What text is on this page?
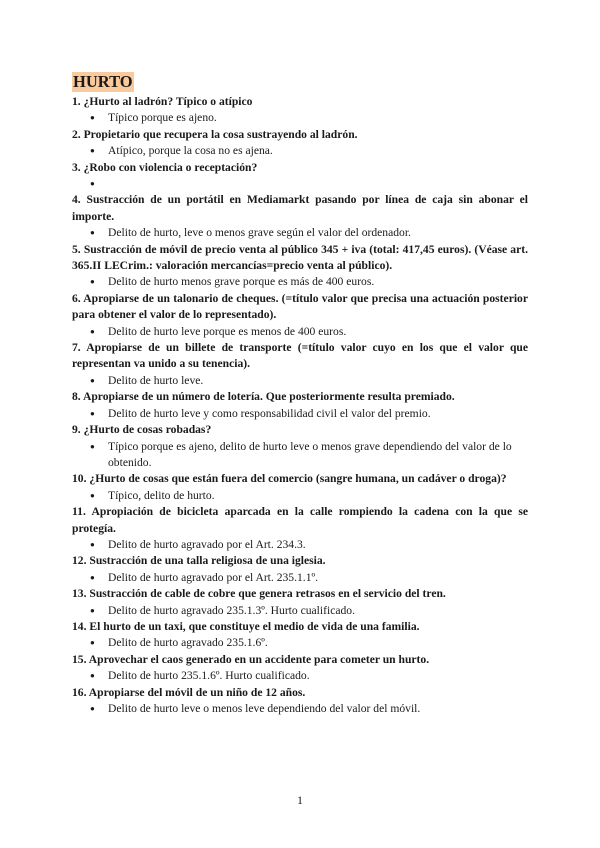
HURTO

1. ¿Hurto al ladrón? Típico o atípico

● Típico porque es ajeno.

2. Propietario que recupera la cosa sustrayendo al ladrón.

● Atípico, porque la cosa no es ajena.

3. ¿Robo con violencia o receptación?

●

4. Sustracción de un portátil en Mediamarkt pasando por línea de caja sin abonar el importe.

● Delito de hurto, leve o menos grave según el valor del ordenador.

5. Sustracción de móvil de precio venta al público 345 + iva (total: 417,45 euros). (Véase art. 365.II LECrim.: valoración mercancías=precio venta al público).

● Delito de hurto menos grave porque es más de 400 euros.

6. Apropiarse de un talonario de cheques. (=título valor que precisa una actuación posterior para obtener el valor de lo representado).

● Delito de hurto leve porque es menos de 400 euros.

7. Apropiarse de un billete de transporte (=título valor cuyo en los que el valor que representan va unido a su tenencia).

● Delito de hurto leve.

8. Apropiarse de un número de lotería. Que posteriormente resulta premiado.

● Delito de hurto leve y como responsabilidad civil el valor del premio.

9. ¿Hurto de cosas robadas?

● Típico porque es ajeno, delito de hurto leve o menos grave dependiendo del valor de lo obtenido.

10. ¿Hurto de cosas que están fuera del comercio (sangre humana, un cadáver o droga)?

● Típico, delito de hurto.

11. Apropiación de bicicleta aparcada en la calle rompiendo la cadena con la que se protegía.

● Delito de hurto agravado por el Art. 234.3.

12. Sustracción de una talla religiosa de una iglesia.

● Delito de hurto agravado por el Art. 235.1.1º.

13. Sustracción de cable de cobre que genera retrasos en el servicio del tren.

● Delito de hurto agravado 235.1.3º. Hurto cualificado.

14. El hurto de un taxi, que constituye el medio de vida de una familia.

● Delito de hurto agravado 235.1.6º.

15. Aprovechar el caos generado en un accidente para cometer un hurto.

● Delito de hurto 235.1.6º. Hurto cualificado.

16. Apropiarse del móvil de un niño de 12 años.

● Delito de hurto leve o menos leve dependiendo del valor del móvil.
1
